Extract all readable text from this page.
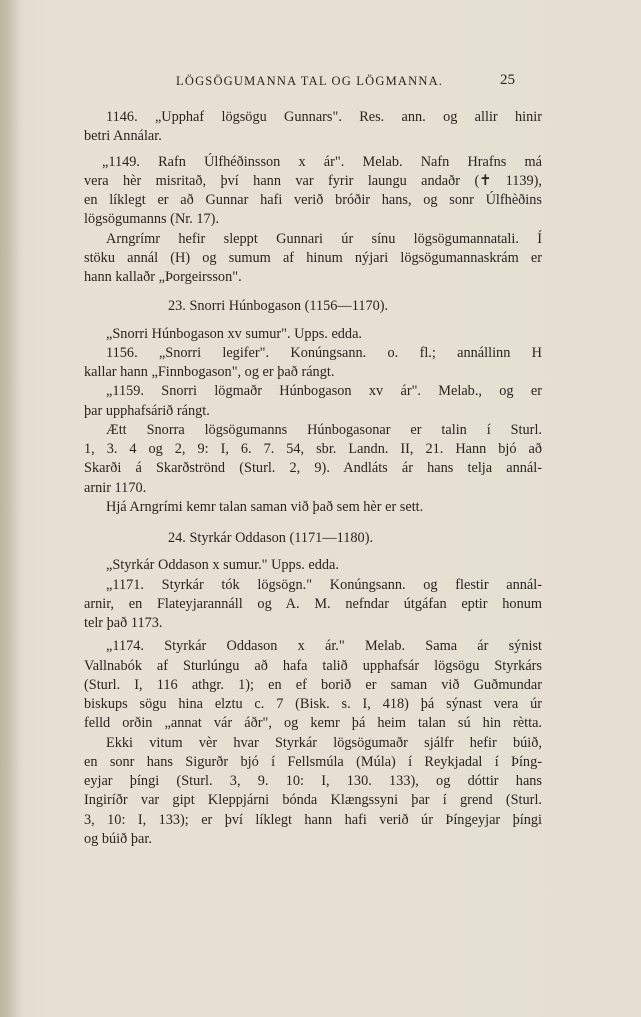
LÖGSÖGUMANNA TAL OG LÖGMANNA.	25
1146. „Upphaf lögsögu Gunnars". Res. ann. og allir hinir
betri Annálar.
„1149. Rafn Úlfhéðinsson x ár". Melab. Nafn Hrafns má
vera hèr misritað, því hann var fyrir laungu andaðr (✝ 1139),
en líklegt er að Gunnar hafi verið bróðir hans, og sonr Úlfhèðins
lögsögumanns (Nr. 17).
Arngrímr hefir sleppt Gunnari úr sínu lögsögumannatali. Í
stöku annál (H) og sumum af hinum nýjari lögsögumannaskrám er
hann kallaðr „Þorgeirsson".
23. Snorri Húnbogason (1156—1170).
„Snorri Húnbogason xv sumur". Upps. edda.
1156. „Snorri legifer". Konúngsann. o. fl.; annállinn H
kallar hann „Finnbogason", og er það rángt.
„1159. Snorri lögmaðr Húnbogason xv ár". Melab., og er
þar upphafsárið rángt.
Ætt Snorra lögsögumanns Húnbogasonar er talin í Sturl.
1, 3. 4 og 2, 9: I, 6. 7. 54, sbr. Landn. II, 21. Hann bjó að
Skarði á Skarðströnd (Sturl. 2, 9). Andláts ár hans telja annál-
arnir 1170.
Hjá Arngrími kemr talan saman við það sem hèr er sett.
24. Styrkár Oddason (1171—1180).
„Styrkár Oddason x sumur." Upps. edda.
„1171. Styrkár tók lögsögn." Konúngsann. og flestir annál-
arnir, en Flateyjarannáll og A. M. nefndar útgáfan eptir honum
telr það 1173.
„1174. Styrkár Oddason x ár." Melab. Sama ár sýnist
Vallnabók af Sturlúngu að hafa talið upphafsár lögsögu Styrkárs
(Sturl. I, 116 athgr. 1); en ef borið er saman við Guðmundar
biskups sögu hina elztu c. 7 (Bisk. s. I, 418) þá sýnast vera úr
felld orðin „annat vár áðr", og kemr þá heim talan sú hin rètta.
Ekki vitum vèr hvar Styrkár lögsögumaðr sjálfr hefir búið,
en sonr hans Sigurðr bjó í Fellsmúla (Múla) í Reykjadal í Þíng-
eyjar þíngi (Sturl. 3, 9. 10: I, 130. 133), og dóttir hans
Ingiríðr var gipt Kleppjárni bónda Klængssyni þar í grend (Sturl.
3, 10: I, 133); er því líklegt hann hafi verið úr Þíngeyjar þíngi
og búið þar.
